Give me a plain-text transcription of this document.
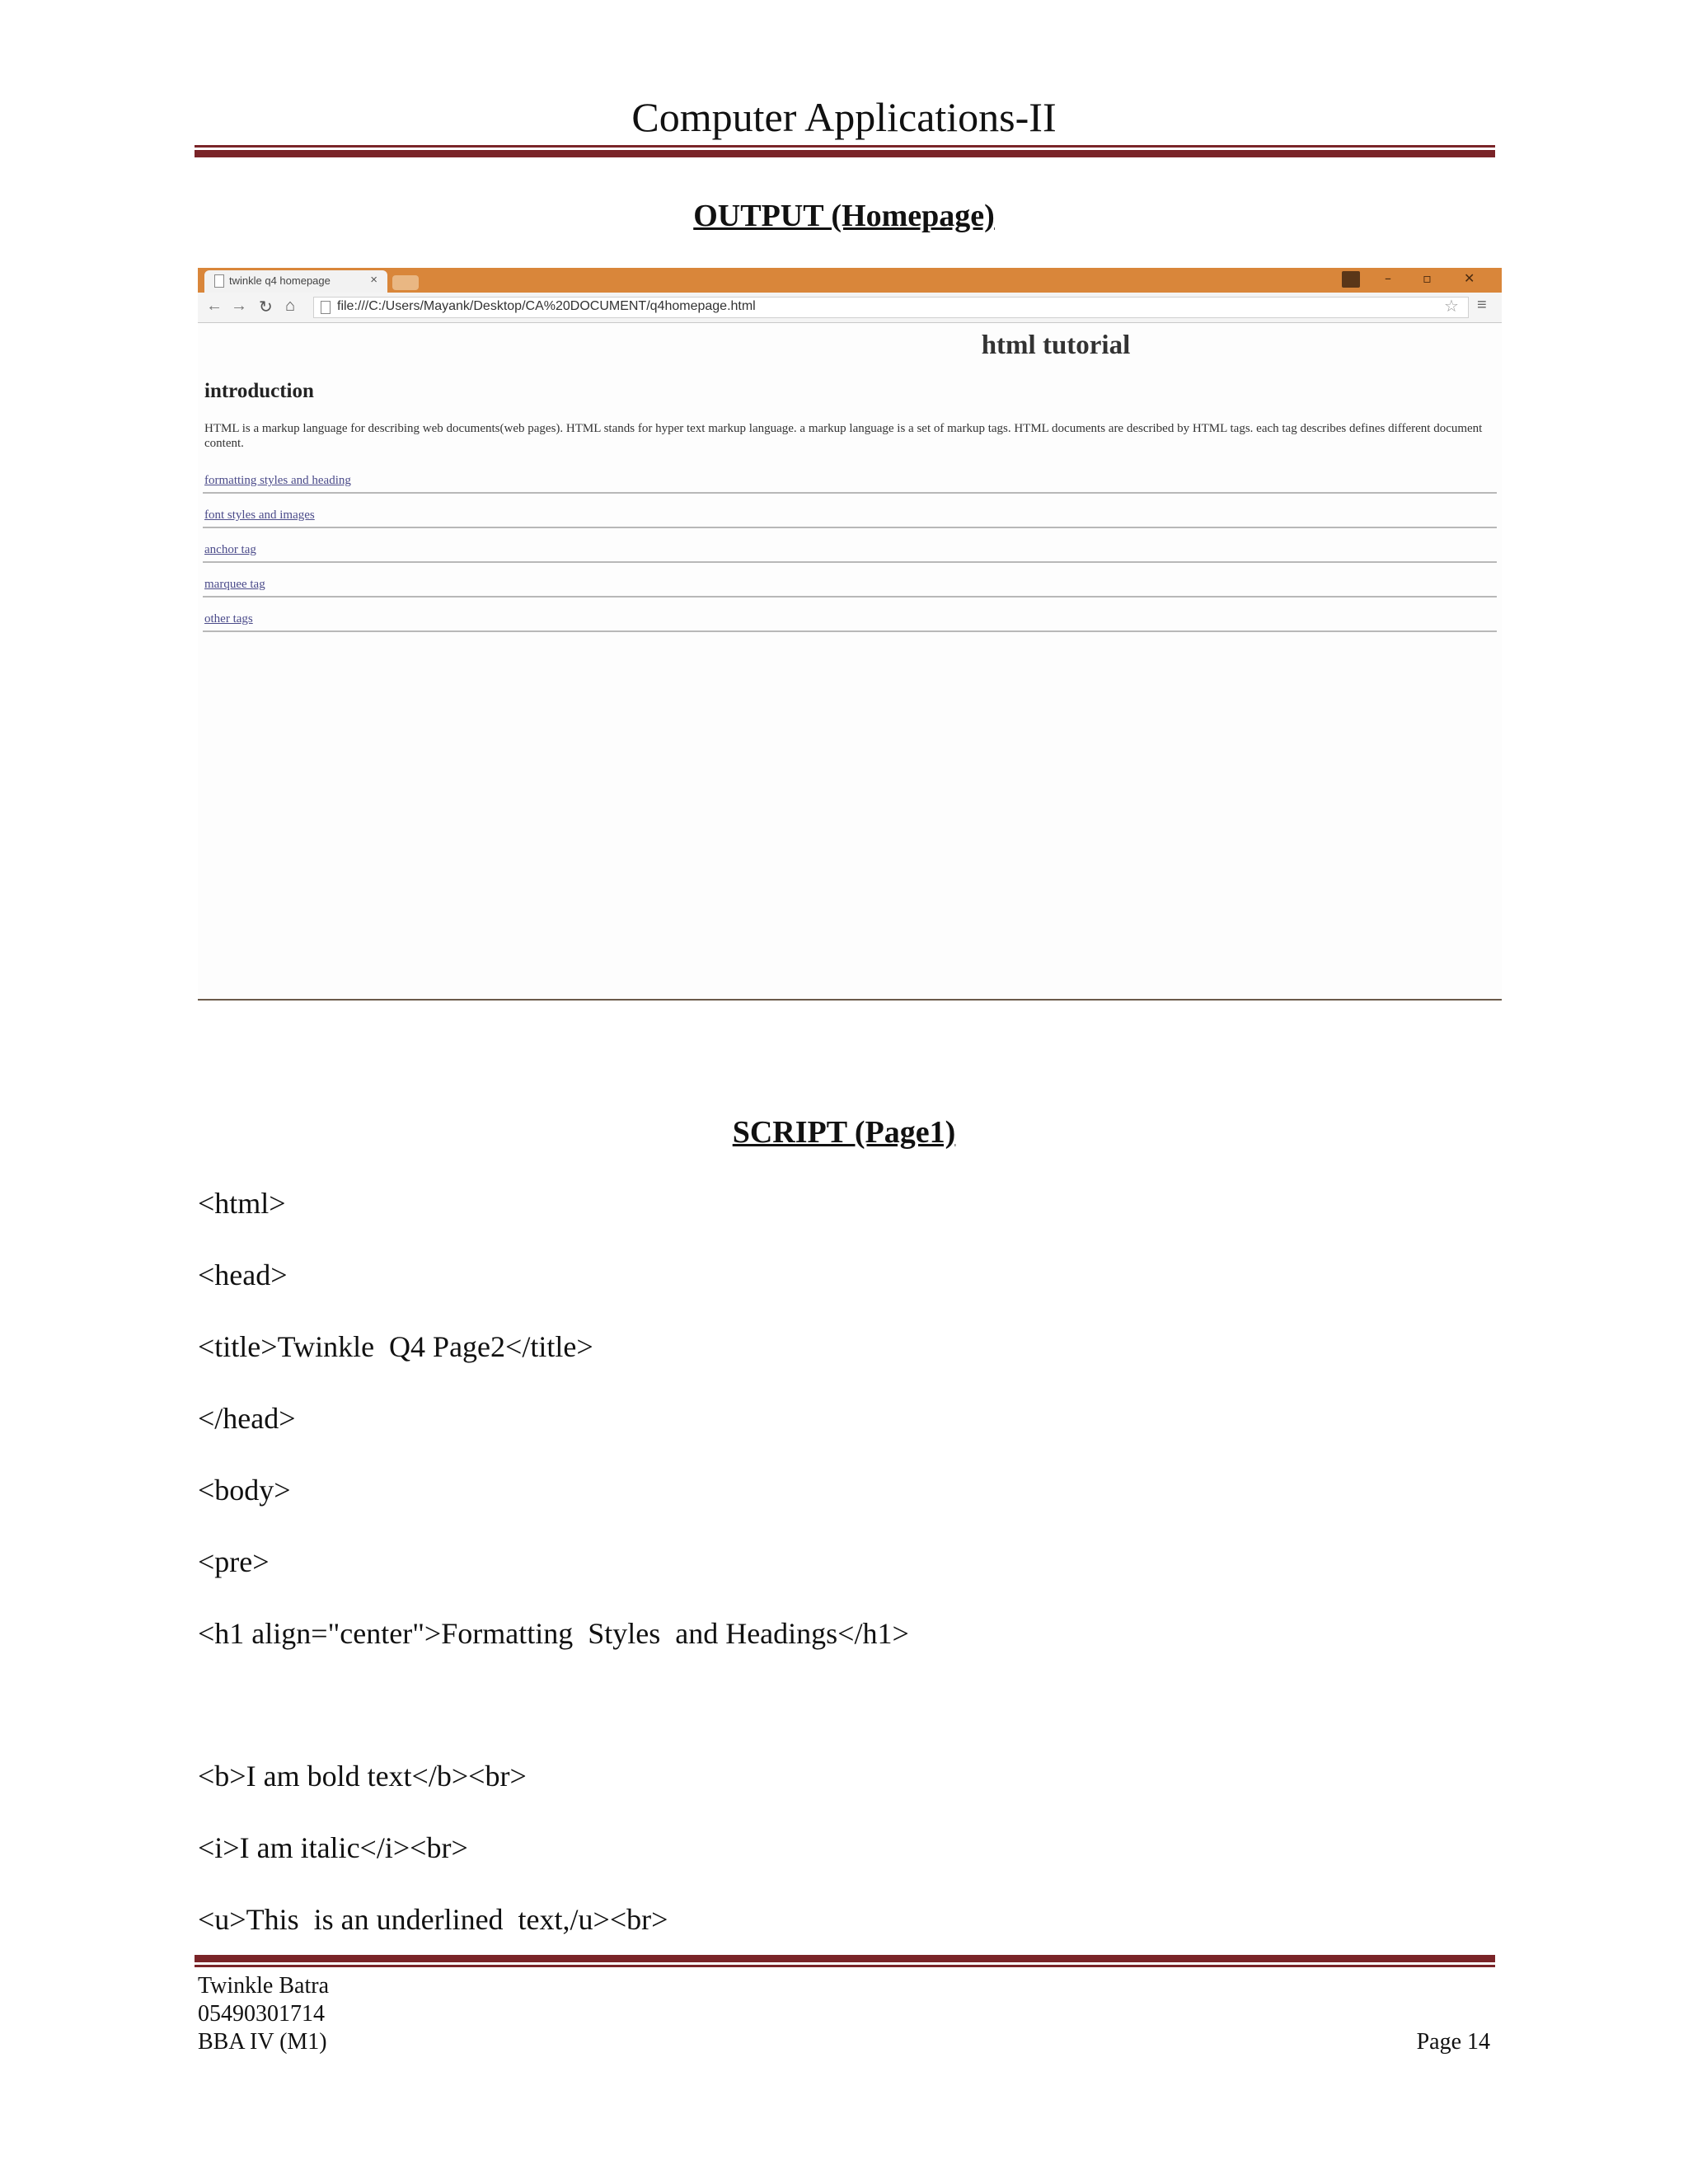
Computer Applications-II
OUTPUT (Homepage)
twinkle q4 homepage	×	– ▫ ✕
← → ↻ ⌂	file:///C:/Users/Mayank/Desktop/CA%20DOCUMENT/q4homepage.html	☆ ≡
html tutorial
introduction
HTML is a markup language for describing web documents(web pages). HTML stands for hyper text markup language. a markup language is a set of markup tags. HTML documents are described by HTML tags. each tag describes defines different document content.
formatting styles and heading
font styles and images
anchor tag
marquee tag
other tags
SCRIPT (Page1)
<html>
<head>
<title>Twinkle  Q4 Page2</title>
</head>
<body>
<pre>
<h1 align="center">Formatting  Styles  and Headings</h1>
<b>I am bold text</b><br>
<i>I am italic</i><br>
<u>This  is an underlined  text,/u><br>
Twinkle Batra
05490301714
BBA IV (M1)	Page 14
